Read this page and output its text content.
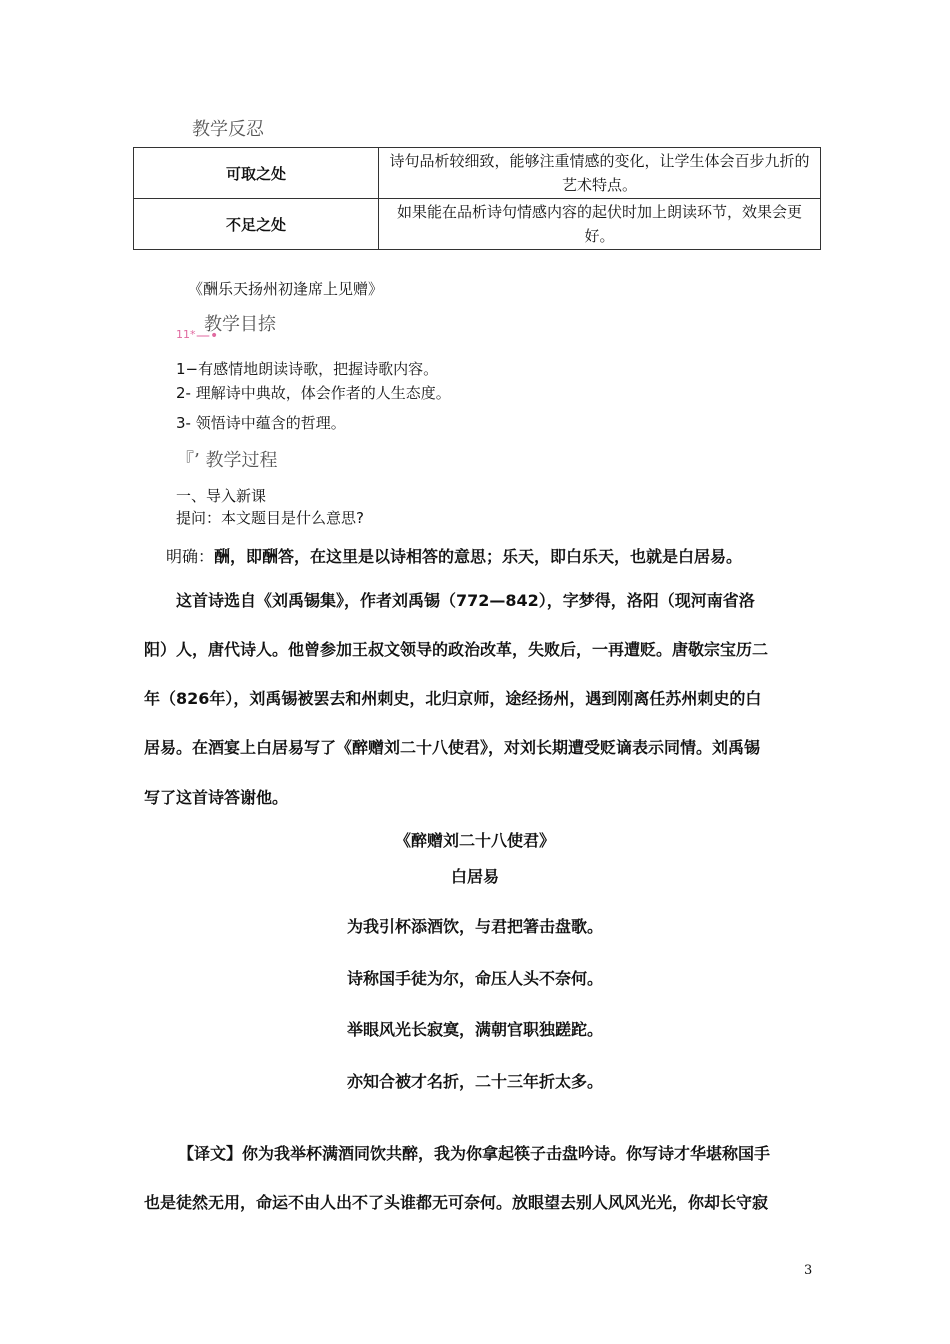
教学反忍
可取之处	诗句品析较细致，能够注重情感的变化，让学生体会百步九折的艺术特点。
不足之处	如果能在品析诗句情感内容的起伏时加上朗读环节，效果会更好。
《酬乐天扬州初逢席上见赠》
11* —•
教学目捺
1−有感情地朗读诗歌，把握诗歌内容。
2- 理解诗中典故，体会作者的人生态度。
3- 领悟诗中蕴含的哲理。
『’ 教学过程
一、导入新课
提问：本文题目是什么意思?
明确：酬，即酬答，在这里是以诗相答的意思；乐天，即白乐天，也就是白居易。
这首诗选自《刘禹锡集》，作者刘禹锡（772—842），字梦得，洛阳（现河南省洛
阳）人，唐代诗人。他曾参加王叔文领导的政治改革，失败后，一再遭贬。唐敬宗宝历二
年（826年），刘禹锡被罢去和州刺史，北归京师，途经扬州，遇到刚离任苏州刺史的白
居易。在酒宴上白居易写了《醉赠刘二十八使君》，对刘长期遭受贬谪表示同情。刘禹锡
写了这首诗答谢他。
《醉赠刘二十八使君》
白居易
为我引杯添酒饮，与君把箸击盘歌。
诗称国手徒为尔，命压人头不奈何。
举眼风光长寂寞，满朝官职独蹉跎。
亦知合被才名折，二十三年折太多。
【译文】你为我举杯满酒同饮共醉，我为你拿起筷子击盘吟诗。你写诗才华堪称国手
也是徒然无用，命运不由人出不了头谁都无可奈何。放眼望去别人风风光光，你却长守寂
3
